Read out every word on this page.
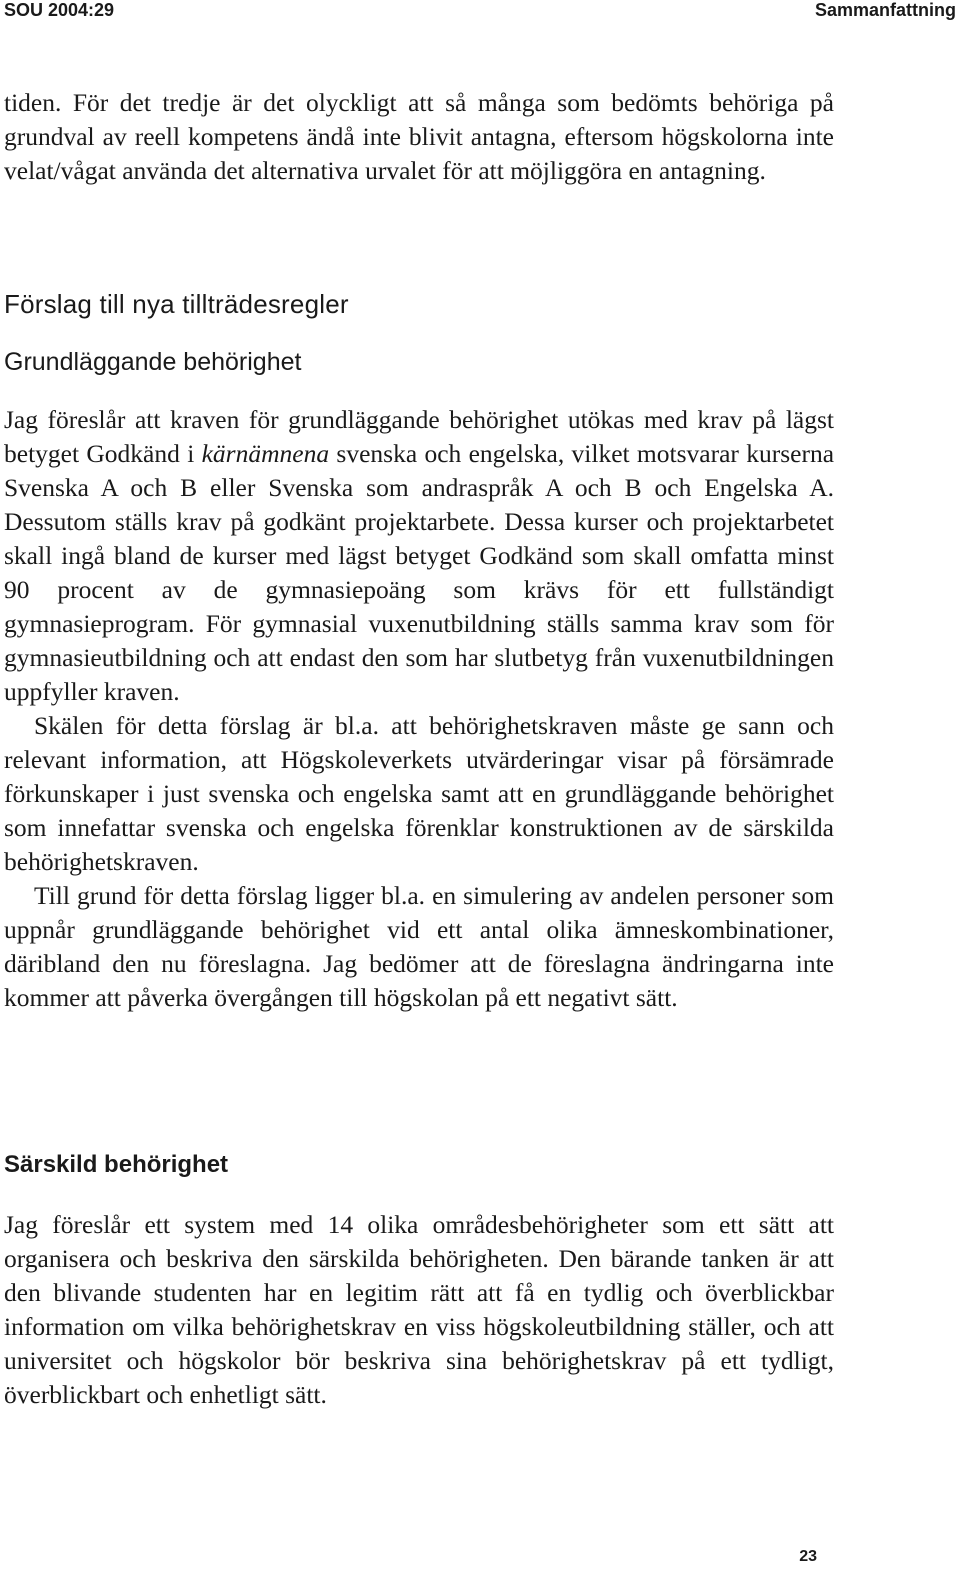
SOU 2004:29	Sammanfattning

tiden. För det tredje är det olyckligt att så många som bedömts behöriga på grundval av reell kompetens ändå inte blivit antagna, eftersom högskolorna inte velat/vågat använda det alternativa urvalet för att möjliggöra en antagning.

Förslag till nya tillträdesregler
Grundläggande behörighet

Jag föreslår att kraven för grundläggande behörighet utökas med krav på lägst betyget Godkänd i kärnämnena svenska och engelska, vilket motsvarar kurserna Svenska A och B eller Svenska som andraspråk A och B och Engelska A. Dessutom ställs krav på godkänt projektarbete. Dessa kurser och projektarbetet skall ingå bland de kurser med lägst betyget Godkänd som skall omfatta minst 90 procent av de gymnasiepoäng som krävs för ett fullständigt gymnasieprogram. För gymnasial vuxenutbildning ställs samma krav som för gymnasieutbildning och att endast den som har slutbetyg från vuxenutbildningen uppfyller kraven.

Skälen för detta förslag är bl.a. att behörighetskraven måste ge sann och relevant information, att Högskoleverkets utvärderingar visar på försämrade förkunskaper i just svenska och engelska samt att en grundläggande behörighet som innefattar svenska och engelska förenklar konstruktionen av de särskilda behörighetskraven.

Till grund för detta förslag ligger bl.a. en simulering av andelen personer som uppnår grundläggande behörighet vid ett antal olika ämneskombinationer, däribland den nu föreslagna. Jag bedömer att de föreslagna ändringarna inte kommer att påverka övergången till högskolan på ett negativt sätt.

Särskild behörighet

Jag föreslår ett system med 14 olika områdesbehörigheter som ett sätt att organisera och beskriva den särskilda behörigheten. Den bärande tanken är att den blivande studenten har en legitim rätt att få en tydlig och överblickbar information om vilka behörighetskrav en viss högskoleutbildning ställer, och att universitet och högskolor bör beskriva sina behörighetskrav på ett tydligt, överblickbart och enhetligt sätt.

23
